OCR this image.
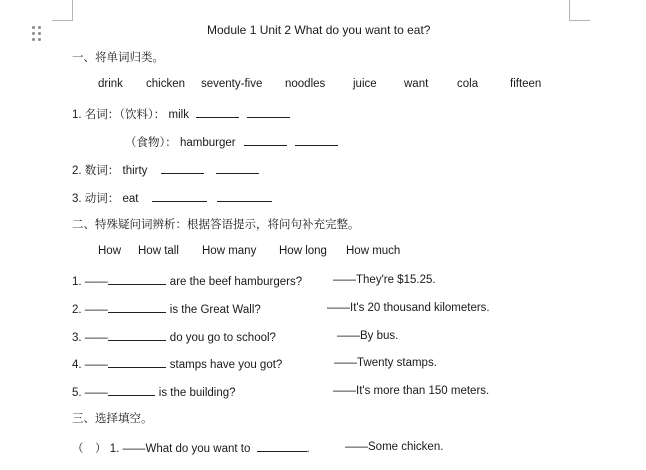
Module 1 Unit 2 What do you want to eat?
一、将单词归类。
drink chicken seventy-five noodles juice want cola	fifteen
1. 名词：（饮料）： milk
（食物）： hamburger
2. 数词： thirty
3. 动词： eat
二、特殊疑问词辨析：根据答语提示，将问句补充完整。
How How tall How many How long How much
1. ——	are the beef hamburgers?	——They're $15.25.
2. ——	is the Great Wall?	——It's 20 thousand kilometers.
3. ——	do you go to school?	——By bus.
4. ——	stamps have you got?	——Twenty stamps.
5. ——	is the building?	——It's more than 150 meters.
三、选择填空。
（　） 1. ——What do you want to	.	——Some chicken.
